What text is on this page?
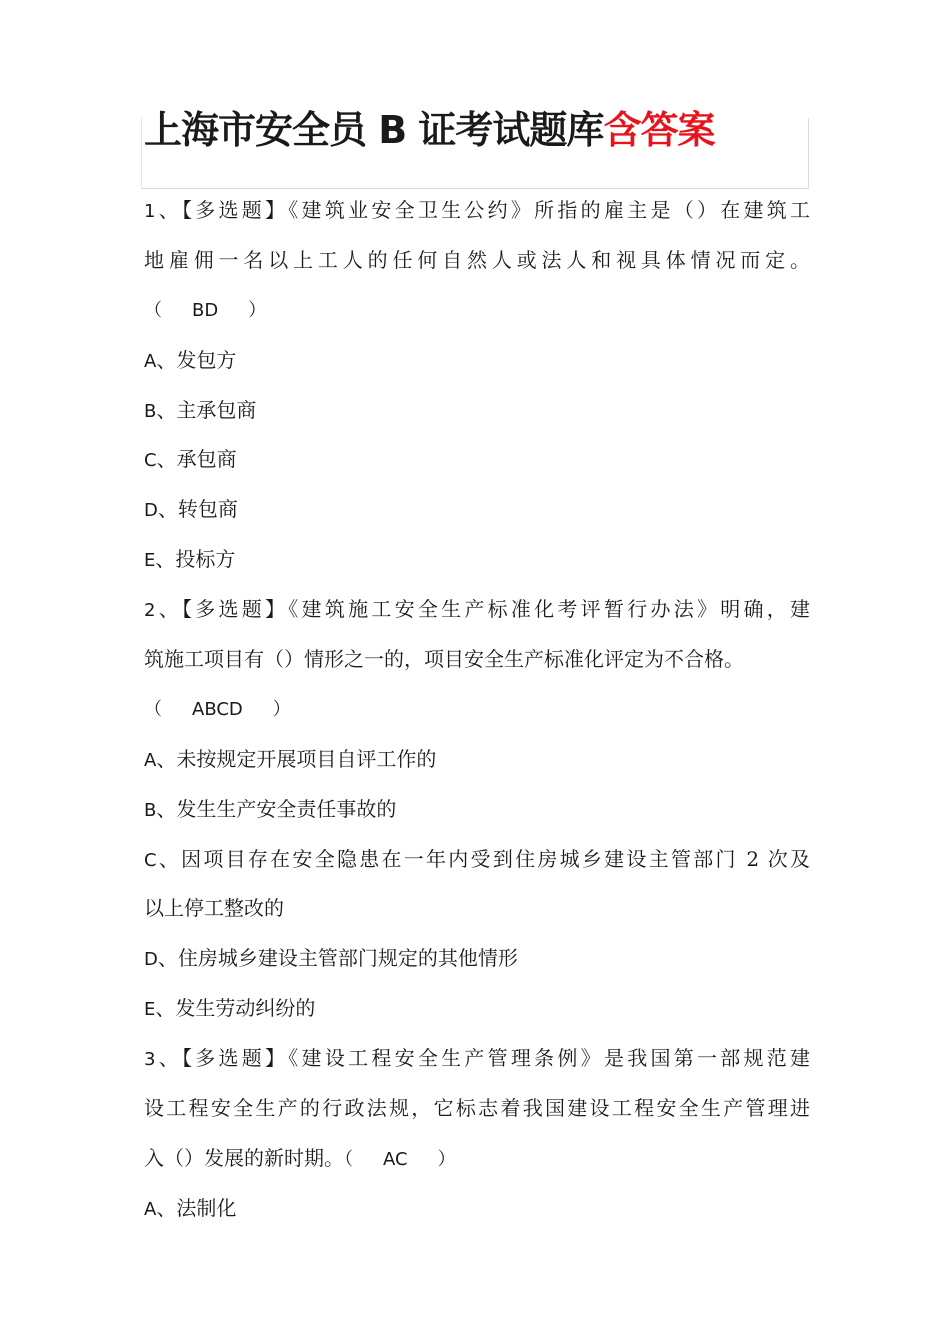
上海市安全员 B 证考试题库含答案
1、【多选题】《建筑业安全卫生公约》所指的雇主是（）在建筑工
地雇佣一名以上工人的任何自然人或法人和视具体情况而定。
（ BD ）
A、发包方
B、主承包商
C、承包商
D、转包商
E、投标方
2、【多选题】《建筑施工安全生产标准化考评暂行办法》明确，建
筑施工项目有（）情形之一的，项目安全生产标准化评定为不合格。
（ ABCD ）
A、未按规定开展项目自评工作的
B、发生生产安全责任事故的
C、因项目存在安全隐患在一年内受到住房城乡建设主管部门 2 次及
以上停工整改的
D、住房城乡建设主管部门规定的其他情形
E、发生劳动纠纷的
3、【多选题】《建设工程安全生产管理条例》是我国第一部规范建
设工程安全生产的行政法规，它标志着我国建设工程安全生产管理进
入（）发展的新时期。（ AC ）
A、法制化
